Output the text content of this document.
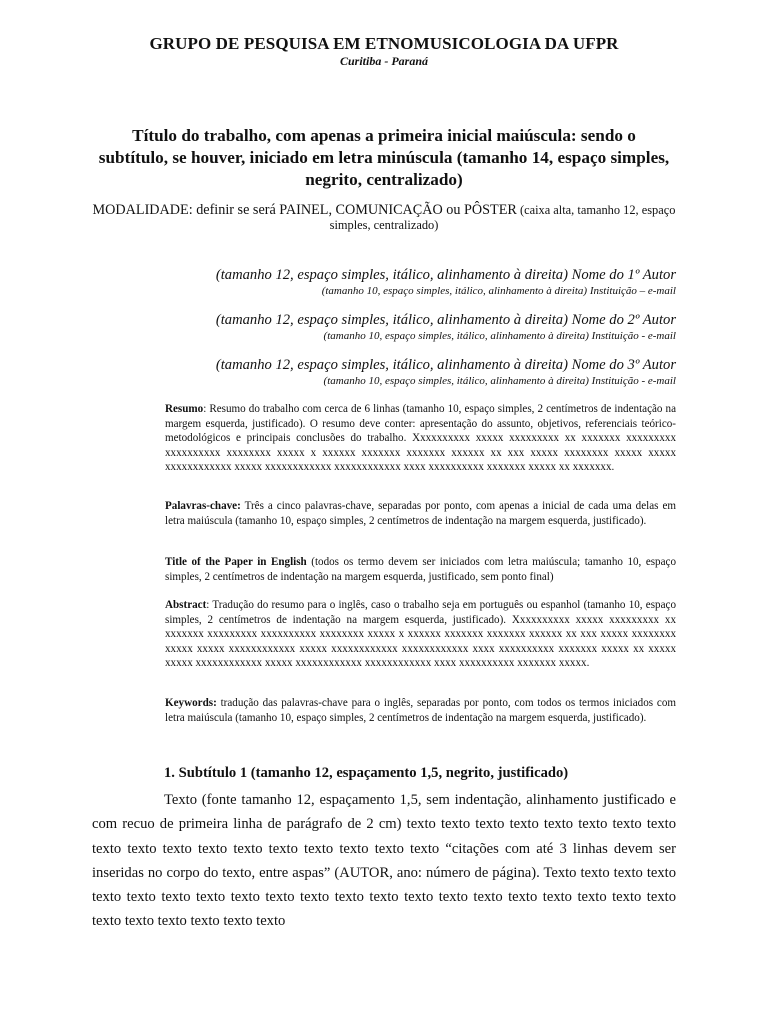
GRUPO DE PESQUISA EM ETNOMUSICOLOGIA DA UFPR
Curitiba - Paraná
Título do trabalho, com apenas a primeira inicial maiúscula: sendo o subtítulo, se houver, iniciado em letra minúscula (tamanho 14, espaço simples, negrito, centralizado)
MODALIDADE: definir se será PAINEL, COMUNICAÇÃO ou PÔSTER (caixa alta, tamanho 12, espaço simples, centralizado)
(tamanho 12, espaço simples, itálico, alinhamento à direita) Nome do 1º Autor
(tamanho 10, espaço simples, itálico, alinhamento à direita) Instituição – e-mail
(tamanho 12, espaço simples, itálico, alinhamento à direita) Nome do 2º Autor
(tamanho 10, espaço simples, itálico, alinhamento à direita) Instituição - e-mail
(tamanho 12, espaço simples, itálico, alinhamento à direita) Nome do 3º Autor
(tamanho 10, espaço simples, itálico, alinhamento à direita) Instituição - e-mail
Resumo: Resumo do trabalho com cerca de 6 linhas (tamanho 10, espaço simples, 2 centímetros de indentação na margem esquerda, justificado). O resumo deve conter: apresentação do assunto, objetivos, referenciais teórico-metodológicos e principais conclusões do trabalho. Xxxxxxxxxx xxxxx xxxxxxxxx xx xxxxxxx xxxxxxxxx xxxxxxxxxx xxxxxxxx xxxxx x xxxxxx xxxxxxx xxxxxxx xxxxxx xx xxx xxxxx xxxxxxxx xxxxx xxxxx xxxxxxxxxxxx xxxxx xxxxxxxxxxxx xxxxxxxxxxxx xxxx xxxxxxxxxx xxxxxxx xxxxx xx xxxxxxx.
Palavras-chave: Três a cinco palavras-chave, separadas por ponto, com apenas a inicial de cada uma delas em letra maiúscula (tamanho 10, espaço simples, 2 centímetros de indentação na margem esquerda, justificado).
Title of the Paper in English (todos os termo devem ser iniciados com letra maiúscula; tamanho 10, espaço simples, 2 centímetros de indentação na margem esquerda, justificado, sem ponto final)
Abstract: Tradução do resumo para o inglês, caso o trabalho seja em português ou espanhol (tamanho 10, espaço simples, 2 centímetros de indentação na margem esquerda, justificado). Xxxxxxxxxx xxxxx xxxxxxxxx xx xxxxxxx xxxxxxxxx xxxxxxxxxx xxxxxxxx xxxxx x xxxxxx xxxxxxx xxxxxxx xxxxxx xx xxx xxxxx xxxxxxxx xxxxx xxxxx xxxxxxxxxxxx xxxxx xxxxxxxxxxxx xxxxxxxxxxxx xxxx xxxxxxxxxx xxxxxxx xxxxx xx xxxxx xxxxx xxxxxxxxxxxx xxxxx xxxxxxxxxxxx xxxxxxxxxxxx xxxx xxxxxxxxxx xxxxxxx xxxxx.
Keywords: tradução das palavras-chave para o inglês, separadas por ponto, com todos os termos iniciados com letra maiúscula (tamanho 10, espaço simples, 2 centímetros de indentação na margem esquerda, justificado).
1. Subtítulo 1 (tamanho 12, espaçamento 1,5, negrito, justificado)
Texto (fonte tamanho 12, espaçamento 1,5, sem indentação, alinhamento justificado e com recuo de primeira linha de parágrafo de 2 cm) texto texto texto texto texto texto texto texto texto texto texto texto texto texto texto texto texto texto “citações com até 3 linhas devem ser inseridas no corpo do texto, entre aspas” (AUTOR, ano: número de página). Texto texto texto texto texto texto texto texto texto texto texto texto texto texto texto texto texto texto texto texto texto texto texto texto texto texto texto
